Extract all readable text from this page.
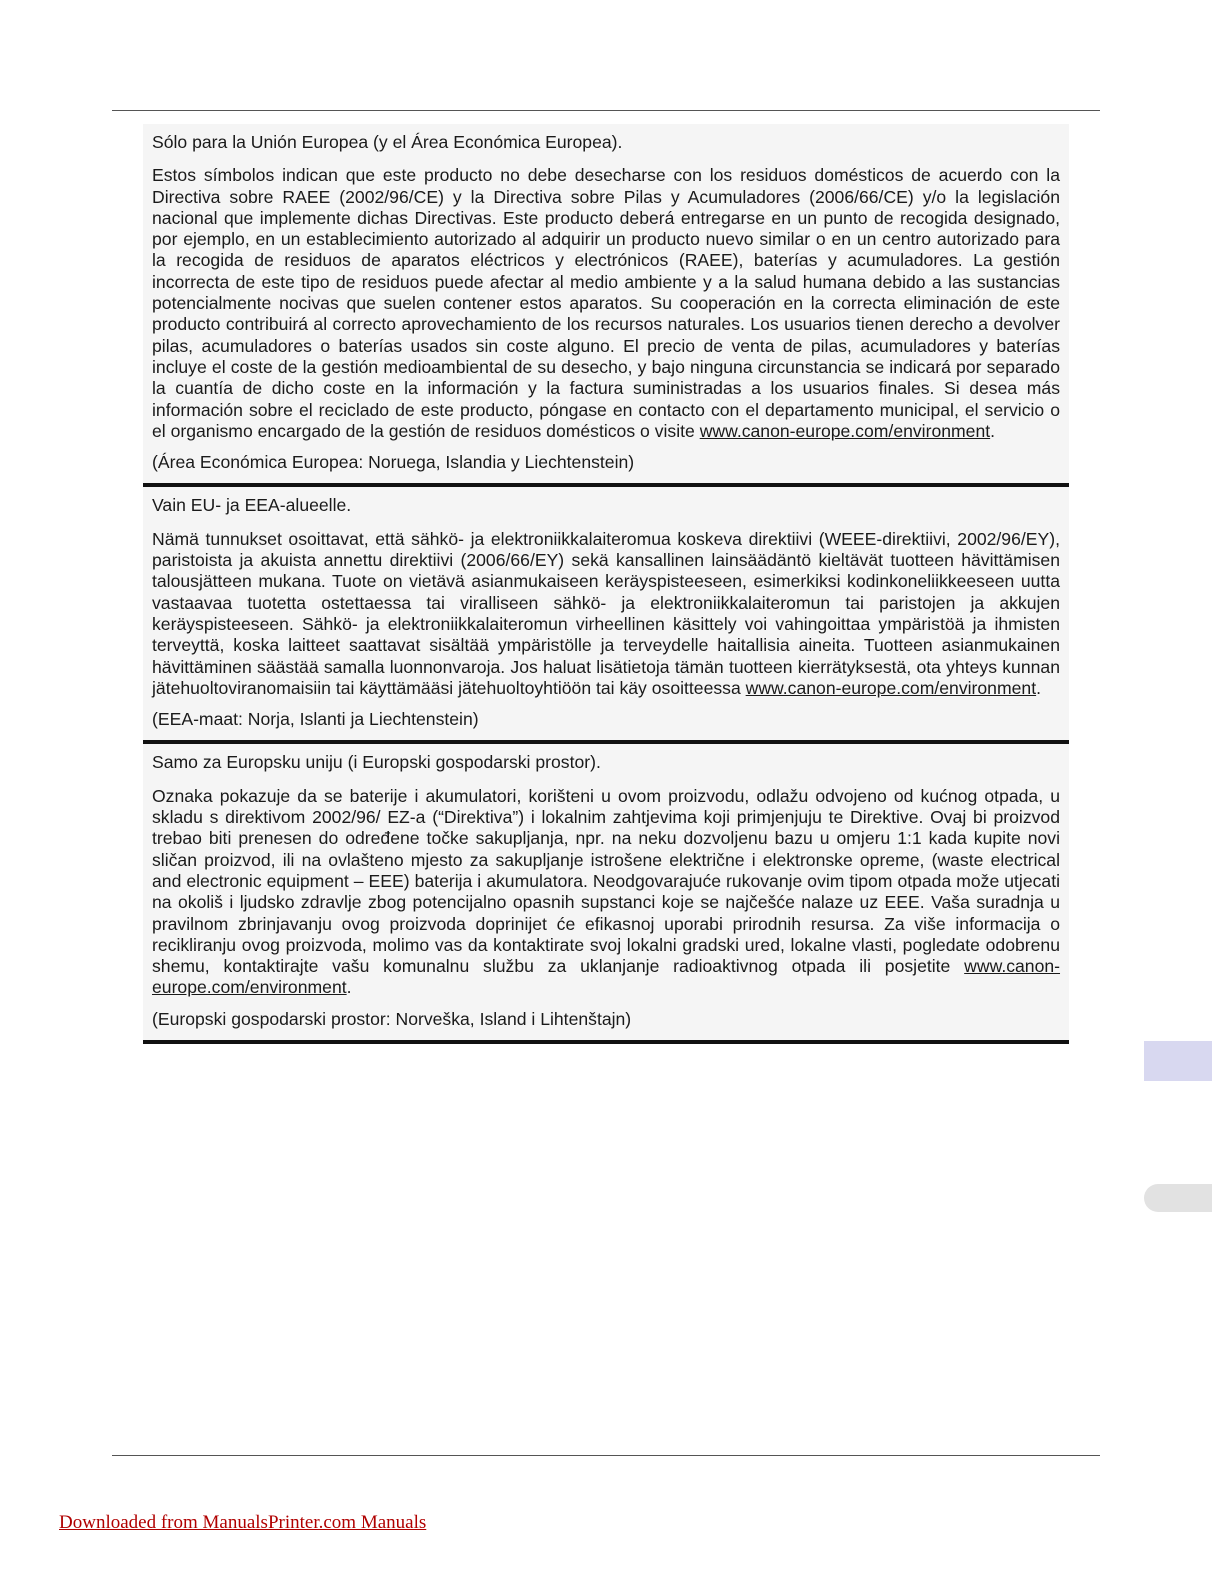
Sólo para la Unión Europea (y el Área Económica Europea).

Estos símbolos indican que este producto no debe desecharse con los residuos domésticos de acuerdo con la Directiva sobre RAEE (2002/96/CE) y la Directiva sobre Pilas y Acumuladores (2006/66/CE) y/o la legislación nacional que implemente dichas Directivas. Este producto deberá entregarse en un punto de recogida designado, por ejemplo, en un establecimiento autorizado al adquirir un producto nuevo similar o en un centro autorizado para la recogida de residuos de aparatos eléctricos y electrónicos (RAEE), baterías y acumuladores. La gestión incorrecta de este tipo de residuos puede afectar al medio ambiente y a la salud humana debido a las sustancias potencialmente nocivas que suelen contener estos aparatos. Su cooperación en la correcta eliminación de este producto contribuirá al correcto aprovechamiento de los recursos naturales. Los usuarios tienen derecho a devolver pilas, acumuladores o baterías usados sin coste alguno. El precio de venta de pilas, acumuladores y baterías incluye el coste de la gestión medioambiental de su desecho, y bajo ninguna circunstancia se indicará por separado la cuantía de dicho coste en la información y la factura suministradas a los usuarios finales. Si desea más información sobre el reciclado de este producto, póngase en contacto con el departamento municipal, el servicio o el organismo encargado de la gestión de residuos domésticos o visite www.canon-europe.com/environment.

(Área Económica Europea: Noruega, Islandia y Liechtenstein)

Vain EU- ja EEA-alueelle.

Nämä tunnukset osoittavat, että sähkö- ja elektroniikkalaiteromua koskeva direktiivi (WEEE-direktiivi, 2002/96/EY), paristoista ja akuista annettu direktiivi (2006/66/EY) sekä kansallinen lainsäädäntö kieltävät tuotteen hävittämisen talousjätteen mukana. Tuote on vietävä asianmukaiseen keräyspisteeseen, esimerkiksi kodinkoneliikkeeseen uutta vastaavaa tuotetta ostettaessa tai viralliseen sähkö- ja elektroniikkalaiteromun tai paristojen ja akkujen keräyspisteeseen. Sähkö- ja elektroniikkalaiteromun virheellinen käsittely voi vahingoittaa ympäristöä ja ihmisten terveyttä, koska laitteet saattavat sisältää ympäristölle ja terveydelle haitallisia aineita. Tuotteen asianmukainen hävittäminen säästää samalla luonnonvaroja. Jos haluat lisätietoja tämän tuotteen kierrätyksestä, ota yhteys kunnan jätehuoltoviranomaisiin tai käyttämääsi jätehuoltoyhtiöön tai käy osoitteessa www.canon-europe.com/environment.

(EEA-maat: Norja, Islanti ja Liechtenstein)

Samo za Europsku uniju (i Europski gospodarski prostor).

Oznaka pokazuje da se baterije i akumulatori, korišteni u ovom proizvodu, odlažu odvojeno od kućnog otpada, u skladu s direktivom 2002/96/ EZ-a (“Direktiva”) i lokalnim zahtjevima koji primjenjuju te Direktive. Ovaj bi proizvod trebao biti prenesen do određene točke sakupljanja, npr. na neku dozvoljenu bazu u omjeru 1:1 kada kupite novi sličan proizvod, ili na ovlašteno mjesto za sakupljanje istrošene električne i elektronske opreme, (waste electrical and electronic equipment – EEE) baterija i akumulatora. Neodgovarajuće rukovanje ovim tipom otpada može utjecati na okoliš i ljudsko zdravlje zbog potencijalno opasnih supstanci koje se najčešće nalaze uz EEE. Vaša suradnja u pravilnom zbrinjavanju ovog proizvoda doprinijet će efikasnoj uporabi prirodnih resursa. Za više informacija o recikliranju ovog proizvoda, molimo vas da kontaktirate svoj lokalni gradski ured, lokalne vlasti, pogledate odobrenu shemu, kontaktirajte vašu komunalnu službu za uklanjanje radioaktivnog otpada ili posjetite www.canon-europe.com/environment.

(Europski gospodarski prostor: Norveška, Island i Lihtenštajn)

Downloaded from ManualsPrinter.com Manuals
